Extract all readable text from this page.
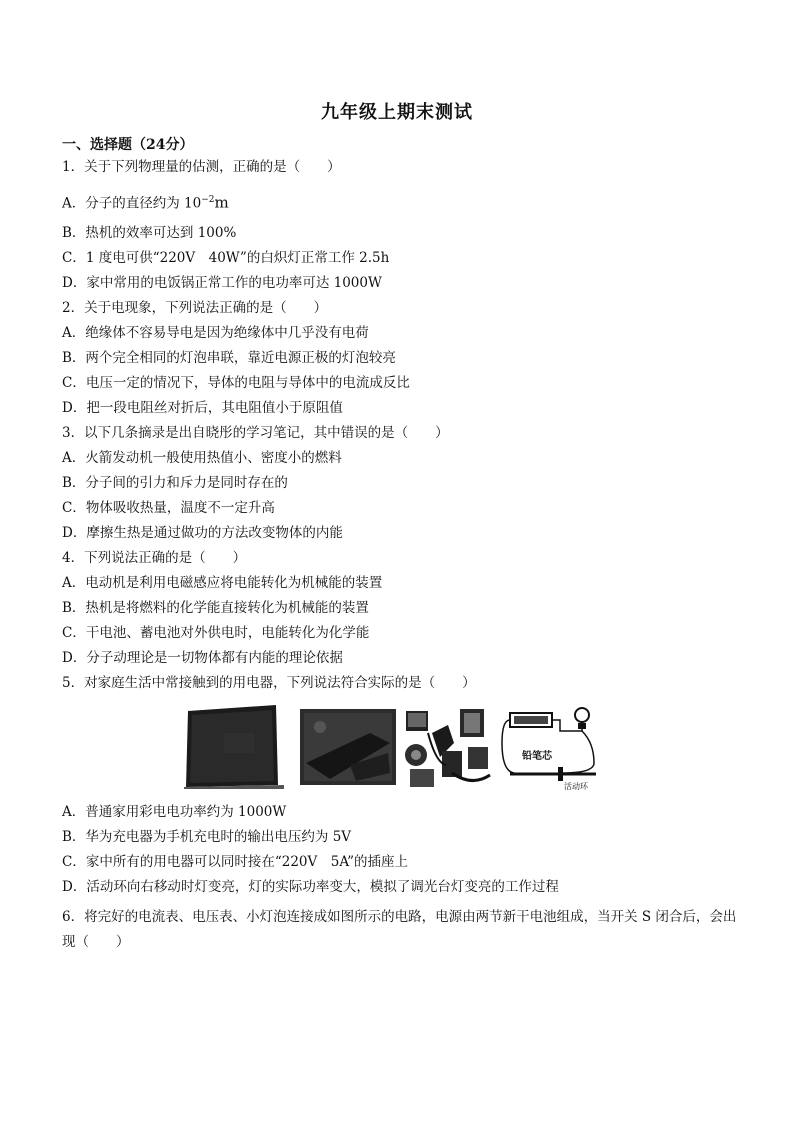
九年级上期末测试
一、选择题（24分）
1．关于下列物理量的估测，正确的是（　　）
A．分子的直径约为 $10^{-2}m$
B．热机的效率可达到 100%
C．1 度电可供“220V　40W”的白炽灯正常工作 2.5h
D．家中常用的电饭锅正常工作的电功率可达 1000W
2．关于电现象，下列说法正确的是（　　）
A．绝缘体不容易导电是因为绝缘体中几乎没有电荷
B．两个完全相同的灯泡串联，靠近电源正极的灯泡较亮
C．电压一定的情况下，导体的电阻与导体中的电流成反比
D．把一段电阻丝对折后，其电阻值小于原阻值
3．以下几条摘录是出自晓彤的学习笔记，其中错误的是（　　）
A．火箭发动机一般使用热值小、密度小的燃料
B．分子间的引力和斥力是同时存在的
C．物体吸收热量，温度不一定升高
D．摩擦生热是通过做功的方法改变物体的内能
4．下列说法正确的是（　　）
A．电动机是利用电磁感应将电能转化为机械能的装置
B．热机是将燃料的化学能直接转化为机械能的装置
C．干电池、蓄电池对外供电时，电能转化为化学能
D．分子动理论是一切物体都有内能的理论依据
5．对家庭生活中常接触到的用电器，下列说法符合实际的是（　　）
铅笔芯
活动环
A．普通家用彩电电功率约为 1000W
B．华为充电器为手机充电时的输出电压约为 5V
C．家中所有的用电器可以同时接在“220V　5A”的插座上
D．活动环向右移动时灯变亮，灯的实际功率变大，模拟了调光台灯变亮的工作过程
6．将完好的电流表、电压表、小灯泡连接成如图所示的电路，电源由两节新干电池组成，当开关 S 闭合后，会出现（　　）
